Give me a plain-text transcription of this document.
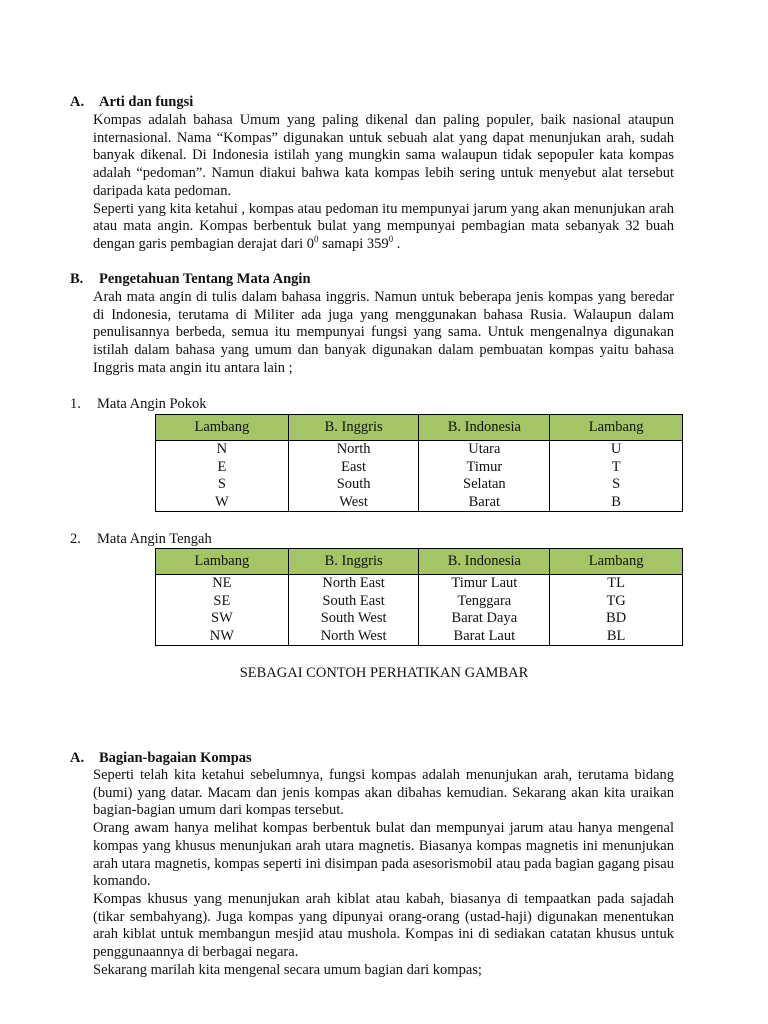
A. Arti dan fungsi

Kompas adalah bahasa Umum yang paling dikenal dan paling populer, baik nasional ataupun internasional. Nama “Kompas” digunakan untuk sebuah alat yang dapat menunjukan arah, sudah banyak dikenal. Di Indonesia istilah yang mungkin sama walaupun tidak sepopuler kata kompas adalah “pedoman”. Namun diakui bahwa kata kompas lebih sering untuk menyebut alat tersebut daripada kata pedoman.

Seperti yang kita ketahui , kompas atau pedoman itu mempunyai jarum yang akan menunjukan arah atau mata angin. Kompas berbentuk bulat yang mempunyai pembagian mata sebanyak 32 buah dengan garis pembagian derajat dari $0^0$ samapi $359^0$ .

B. Pengetahuan Tentang Mata Angin

Arah mata angin di tulis dalam bahasa inggris. Namun untuk beberapa jenis kompas yang beredar di Indonesia, terutama di Militer ada juga yang menggunakan bahasa Rusia. Walaupun dalam penulisannya berbeda, semua itu mempunyai fungsi yang sama. Untuk mengenalnya digunakan istilah dalam bahasa yang umum dan banyak digunakan dalam pembuatan kompas yaitu bahasa Inggris mata angin itu antara lain ;

1. Mata Angin Pokok
Lambang	B. Inggris	B. Indonesia	Lambang
N	North	Utara	U
E	East	Timur	T
S	South	Selatan	S
W	West	Barat	B
2. Mata Angin Tengah
Lambang	B. Inggris	B. Indonesia	Lambang
NE	North East	Timur Laut	TL
SE	South East	Tenggara	TG
SW	South West	Barat Daya	BD
NW	North West	Barat Laut	BL
SEBAGAI CONTOH PERHATIKAN GAMBAR
A. Bagian-bagaian Kompas

Seperti telah kita ketahui sebelumnya, fungsi kompas adalah menunjukan arah, terutama bidang (bumi) yang datar. Macam dan jenis kompas akan dibahas kemudian. Sekarang akan kita uraikan bagian-bagian umum dari kompas tersebut.

Orang awam hanya melihat kompas berbentuk bulat dan mempunyai jarum atau hanya mengenal kompas yang khusus menunjukan arah utara magnetis. Biasanya kompas magnetis ini menunjukan arah utara magnetis, kompas seperti ini disimpan pada asesorismobil atau pada bagian gagang pisau komando.

Kompas khusus yang menunjukan arah kiblat atau kabah, biasanya di tempaatkan pada sajadah (tikar sembahyang). Juga kompas yang dipunyai orang-orang (ustad-haji) digunakan menentukan arah kiblat untuk membangun mesjid atau mushola. Kompas ini di sediakan catatan khusus untuk penggunaannya di berbagai negara.

Sekarang marilah kita mengenal secara umum bagian dari kompas;
